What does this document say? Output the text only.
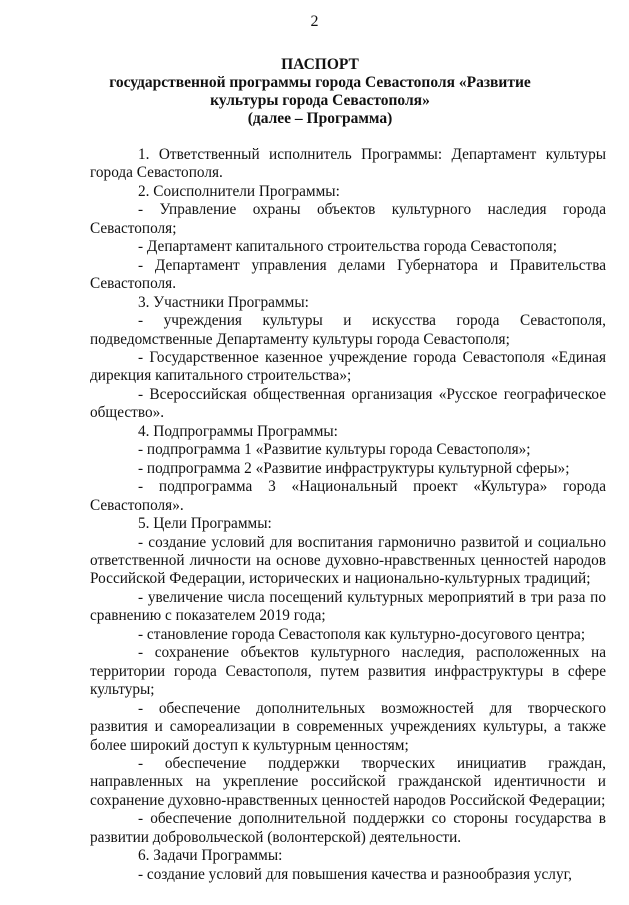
2
ПАСПОРТ
государственной программы города Севастополя «Развитие
культуры города Севастополя»
(далее – Программа)

1. Ответственный исполнитель Программы: Департамент культуры города Севастополя.

2. Соисполнители Программы:

- Управление охраны объектов культурного наследия города Севастополя;

- Департамент капитального строительства города Севастополя;

- Департамент управления делами Губернатора и Правительства Севастополя.

3. Участники Программы:

- учреждения культуры и искусства города Севастополя, подведомственные Департаменту культуры города Севастополя;

- Государственное казенное учреждение города Севастополя «Единая дирекция капитального строительства»;

- Всероссийская общественная организация «Русское географическое общество».

4. Подпрограммы Программы:

- подпрограмма 1 «Развитие культуры города Севастополя»;

- подпрограмма 2 «Развитие инфраструктуры культурной сферы»;

- подпрограмма 3 «Национальный проект «Культура» города Севастополя».

5. Цели Программы:

- создание условий для воспитания гармонично развитой и социально ответственной личности на основе духовно-нравственных ценностей народов Российской Федерации, исторических и национально-культурных традиций;

- увеличение числа посещений культурных мероприятий в три раза по сравнению с показателем 2019 года;

- становление города Севастополя как культурно-досугового центра;

- сохранение объектов культурного наследия, расположенных на территории города Севастополя, путем развития инфраструктуры в сфере культуры;

- обеспечение дополнительных возможностей для творческого развития и самореализации в современных учреждениях культуры, а также более широкий доступ к культурным ценностям;

- обеспечение поддержки творческих инициатив граждан, направленных на укрепление российской гражданской идентичности и сохранение духовно-нравственных ценностей народов Российской Федерации;

- обеспечение дополнительной поддержки со стороны государства в развитии добровольческой (волонтерской) деятельности.

6. Задачи Программы:

- создание условий для повышения качества и разнообразия услуг,
